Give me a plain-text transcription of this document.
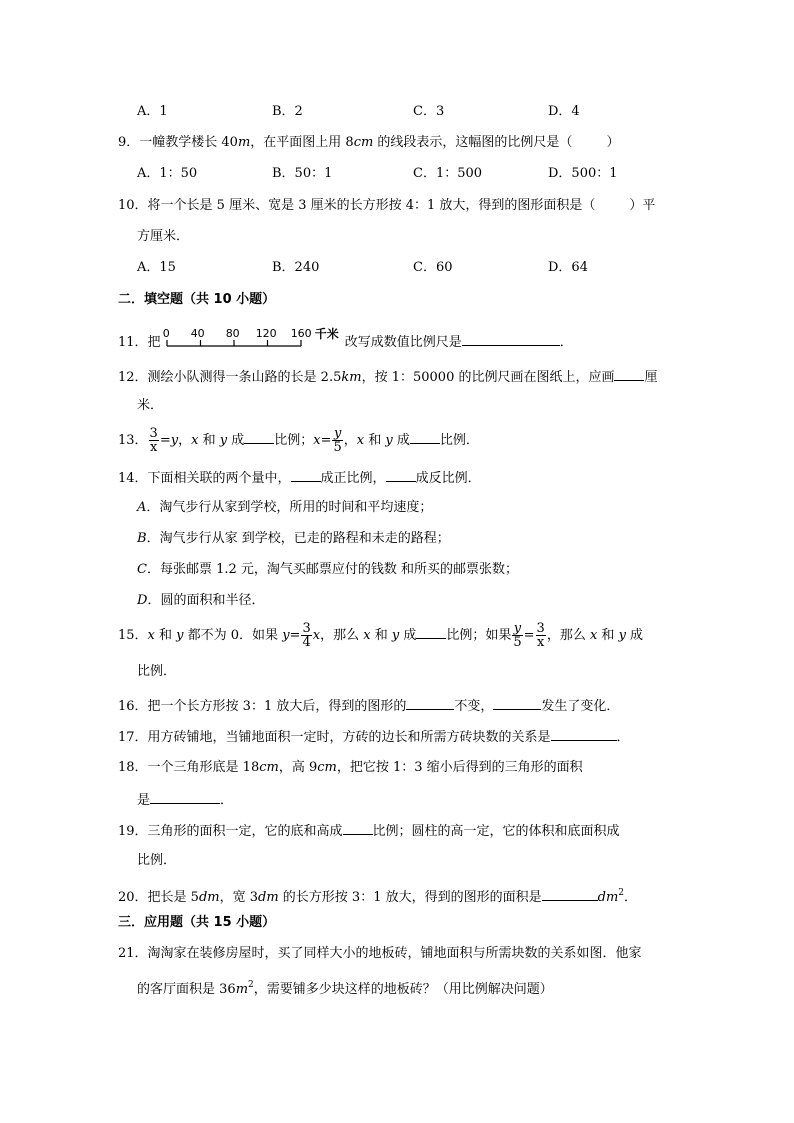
A．1	B．2	C．3	D．4
9．一幢教学楼长 40m，在平面图上用 8cm 的线段表示，这幅图的比例尺是（	）
A．1：50	B．50：1	C．1：500	D．500：1
10．将一个长是 5 厘米、宽是 3 厘米的长方形按 4：1 放大，得到的图形面积是（	）平
方厘米．
A．15	B．240	C．60	D．64
二．填空题（共 10 小题）
11．把
0 40 80 120 160 千米
改写成数值比例尺是	．
12．测绘小队测得一条山路的长是 2.5km，按 1：50000 的比例尺画在图纸上，应画 厘
米．
13． $\frac{3}{x} =y$，x 和 y 成 比例；$x= \frac{y}{5}$ ，x 和 y 成 比例．
14．下面相关联的两个量中， 成正比例， 成反比例．
A．淘气步行从家到学校，所用的时间和平均速度；
B．淘气步行从家 到学校，已走的路程和未走的路程；
C．每张邮票 1.2 元，淘气买邮票应付的钱数 和所买的邮票张数；
D．圆的面积和半径．
15．x 和 y 都不为 0．如果 $y= \frac{3}{4}$ x，那么 x 和 y 成 比例；如果 $\frac{y}{5} = \frac{3}{x}$ ，那么 x 和 y 成
比例．
16．把一个长方形按 3：1 放大后，得到的图形的	不变，	发生了变化．
17．用方砖铺地，当铺地面积一定时，方砖的边长和所需方砖块数的关系是	．
18．一个三角形底是 18cm，高 9cm，把它按 1：3 缩小后得到的三角形的面积
是	．
19．三角形的面积一定，它的底和高成 比例；圆柱的高一定，它的体积和底面积成
比例．
20．把长是 5dm，宽 3dm 的长方形按 3：1 放大，得到的图形的面积是	$dm^2$．
三．应用题（共 15 小题）
21．淘淘家在装修房屋时，买了同样大小的地板砖，铺地面积与所需块数的关系如图．他家
的客厅面积是 $36m^2$，需要铺多少块这样的地板砖？（用比例解决问题）
